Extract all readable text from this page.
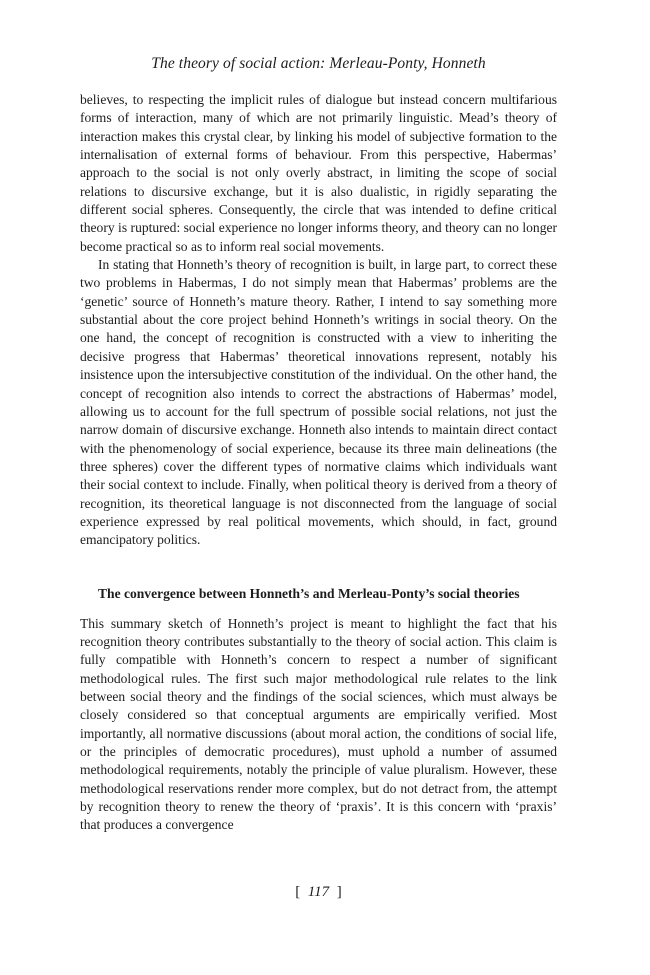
The theory of social action: Merleau-Ponty, Honneth

believes, to respecting the implicit rules of dialogue but instead concern multifarious forms of interaction, many of which are not primarily linguistic. Mead’s theory of interaction makes this crystal clear, by linking his model of subjective formation to the internalisation of external forms of behaviour. From this perspective, Habermas’ approach to the social is not only overly abstract, in limiting the scope of social relations to discursive exchange, but it is also dualistic, in rigidly separating the different social spheres. Consequently, the circle that was intended to define critical theory is ruptured: social experience no longer informs theory, and theory can no longer become practical so as to inform real social movements.

In stating that Honneth’s theory of recognition is built, in large part, to correct these two problems in Habermas, I do not simply mean that Habermas’ problems are the ‘genetic’ source of Honneth’s mature theory. Rather, I intend to say something more substantial about the core project behind Honneth’s writings in social theory. On the one hand, the concept of recognition is constructed with a view to inheriting the decisive progress that Habermas’ theoretical innovations represent, notably his insistence upon the intersubjective constitution of the individual. On the other hand, the concept of recognition also intends to correct the abstractions of Habermas’ model, allowing us to account for the full spectrum of possible social relations, not just the narrow domain of discursive exchange. Honneth also intends to maintain direct contact with the phenomenology of social experience, because its three main delineations (the three spheres) cover the different types of normative claims which individuals want their social context to include. Finally, when political theory is derived from a theory of recognition, its theoretical language is not disconnected from the language of social experience expressed by real political movements, which should, in fact, ground emancipatory politics.

The convergence between Honneth’s and Merleau-Ponty’s social theories

This summary sketch of Honneth’s project is meant to highlight the fact that his recognition theory contributes substantially to the theory of social action. This claim is fully compatible with Honneth’s concern to respect a number of significant methodological rules. The first such major methodological rule relates to the link between social theory and the findings of the social sciences, which must always be closely considered so that conceptual arguments are empirically verified. Most importantly, all normative discussions (about moral action, the conditions of social life, or the principles of democratic procedures), must uphold a number of assumed methodological requirements, notably the principle of value pluralism. However, these methodological reservations render more complex, but do not detract from, the attempt by recognition theory to renew the theory of ‘praxis’. It is this concern with ‘praxis’ that produces a convergence

[ 117 ]
